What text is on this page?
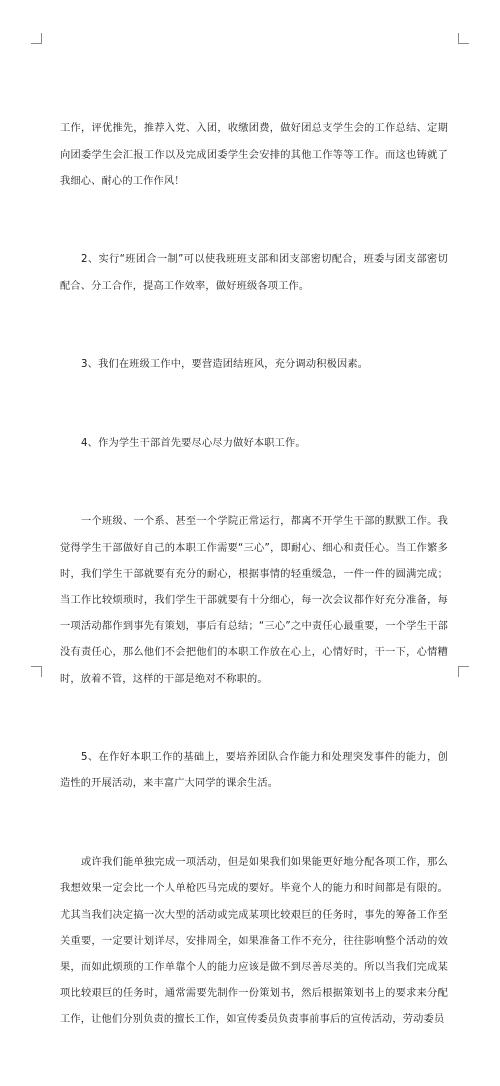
工作，评优推先，推荐入党、入团，收缴团费，做好团总支学生会的工作总结、定期向团委学生会汇报工作以及完成团委学生会安排的其他工作等等工作。而这也铸就了我细心、耐心的工作作风！

2、实行“班团合一制”可以使我班班支部和团支部密切配合，班委与团支部密切配合、分工合作，提高工作效率，做好班级各项工作。

3、我们在班级工作中，要营造团结班风，充分调动积极因素。

4、作为学生干部首先要尽心尽力做好本职工作。

一个班级、一个系、甚至一个学院正常运行，都离不开学生干部的默默工作。我觉得学生干部做好自己的本职工作需要“三心”，即耐心、细心和责任心。当工作繁多时，我们学生干部就要有充分的耐心，根据事情的轻重缓急，一件一件的圆满完成；当工作比较烦琐时，我们学生干部就要有十分细心，每一次会议都作好充分准备，每一项活动都作到事先有策划，事后有总结；“三心”之中责任心最重要，一个学生干部没有责任心，那么他们不会把他们的本职工作放在心上，心情好时，干一下，心情糟时，放着不管，这样的干部是绝对不称职的。

5、在作好本职工作的基础上，要培养团队合作能力和处理突发事件的能力，创造性的开展活动，来丰富广大同学的课余生活。

或许我们能单独完成一项活动，但是如果我们如果能更好地分配各项工作，那么我想效果一定会比一个人单枪匹马完成的要好。毕竟个人的能力和时间都是有限的。尤其当我们决定搞一次大型的活动或完成某项比较艰巨的任务时，事先的筹备工作至关重要，一定要计划详尽，安排周全，如果准备工作不充分，往往影响整个活动的效果，而如此烦琐的工作单靠个人的能力应该是做不到尽善尽美的。所以当我们完成某项比较艰巨的任务时，通常需要先制作一份策划书，然后根据策划书上的要求来分配工作，让他们分别负责的擅长工作，如宣传委员负责事前事后的宣传活动，劳动委员
